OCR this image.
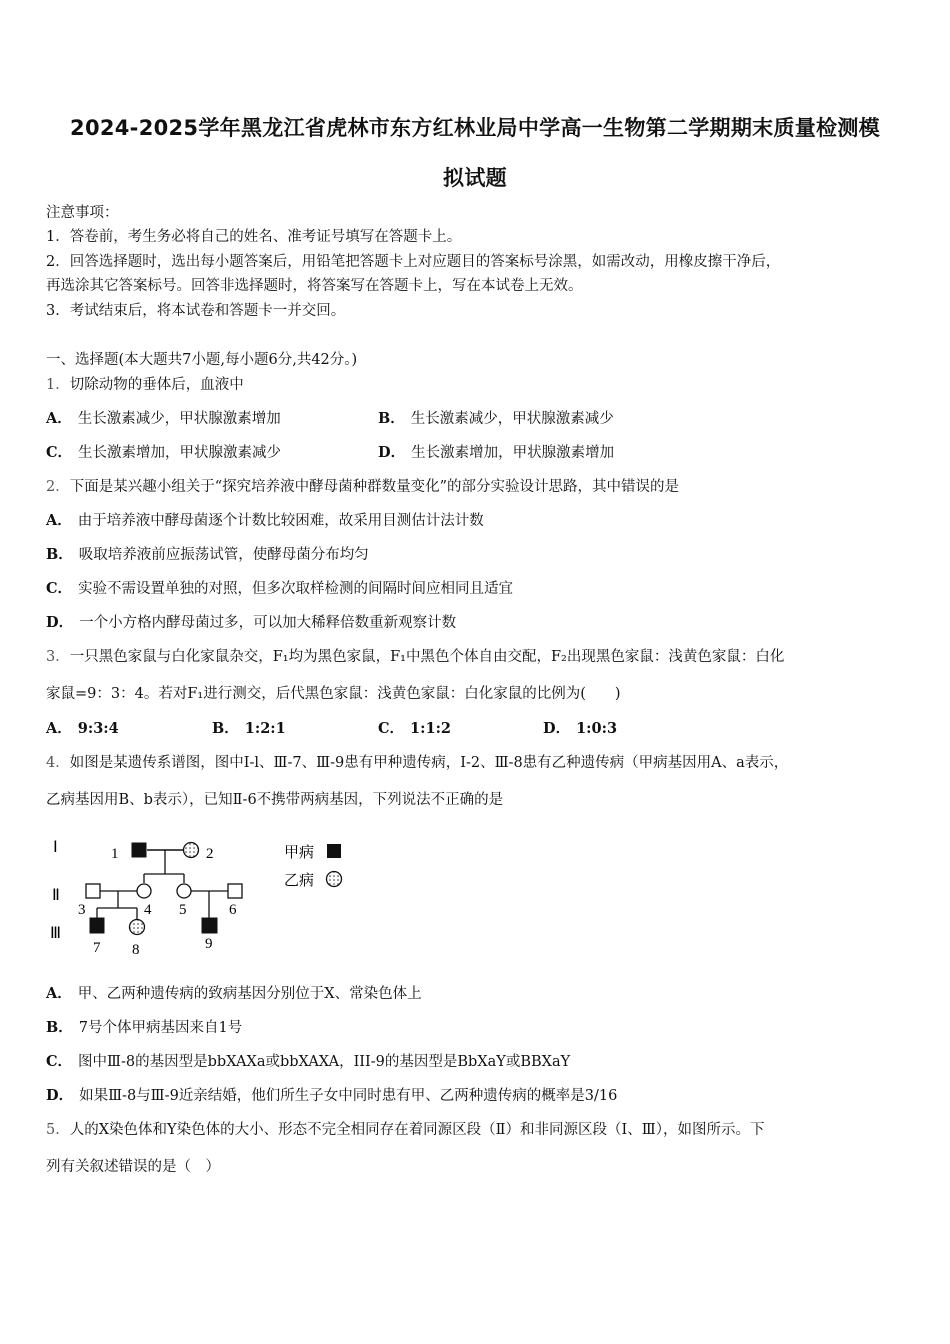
2024-2025学年黑龙江省虎林市东方红林业局中学高一生物第二学期期末质量检测模
拟试题
注意事项：
1．答卷前，考生务必将自己的姓名、准考证号填写在答题卡上。
2．回答选择题时，选出每小题答案后，用铅笔把答题卡上对应题目的答案标号涂黑，如需改动，用橡皮擦干净后，
再选涂其它答案标号。回答非选择题时，将答案写在答题卡上，写在本试卷上无效。
3．考试结束后，将本试卷和答题卡一并交回。
一、选择题(本大题共7小题,每小题6分,共42分。)
1．切除动物的垂体后，血液中
A． 生长激素减少，甲状腺激素增加	B． 生长激素减少，甲状腺激素减少
C． 生长激素增加，甲状腺激素减少	D． 生长激素增加，甲状腺激素增加
2．下面是某兴趣小组关于“探究培养液中酵母菌种群数量变化”的部分实验设计思路，其中错误的是
A． 由于培养液中酵母菌逐个计数比较困难，故采用目测估计法计数
B． 吸取培养液前应振荡试管，使酵母菌分布均匀
C． 实验不需设置单独的对照，但多次取样检测的间隔时间应相同且适宜
D． 一个小方格内酵母菌过多，可以加大稀释倍数重新观察计数
3．一只黑色家鼠与白化家鼠杂交，F₁均为黑色家鼠，F₁中黑色个体自由交配，F₂出现黑色家鼠：浅黄色家鼠：白化
家鼠=9：3：4。若对F₁进行测交，后代黑色家鼠：浅黄色家鼠：白化家鼠的比例为(　　)
A． 9:3:4	B． 1:2:1	C． 1:1:2	D． 1:0:3
4．如图是某遗传系谱图，图中Ⅰ-l、Ⅲ-7、Ⅲ-9患有甲种遗传病，Ⅰ-2、Ⅲ-8患有乙种遗传病（甲病基因用A、a表示，
乙病基因用B、b表示），已知Ⅱ-6不携带两病基因，下列说法不正确的是
Ⅰ
Ⅱ
Ⅲ
1	2
3	4 5	6
7 8	9
甲病
乙病
A． 甲、乙两种遗传病的致病基因分别位于X、常染色体上
B． 7号个体甲病基因来自1号
C． 图中Ⅲ-8的基因型是bbXAXa或bbXAXA，III-9的基因型是BbXaY或BBXaY
D． 如果Ⅲ-8与Ⅲ-9近亲结婚，他们所生子女中同时患有甲、乙两种遗传病的概率是3/16
5．人的X染色体和Y染色体的大小、形态不完全相同存在着同源区段（Ⅱ）和非同源区段（Ⅰ、Ⅲ），如图所示。下
列有关叙述错误的是（　）
